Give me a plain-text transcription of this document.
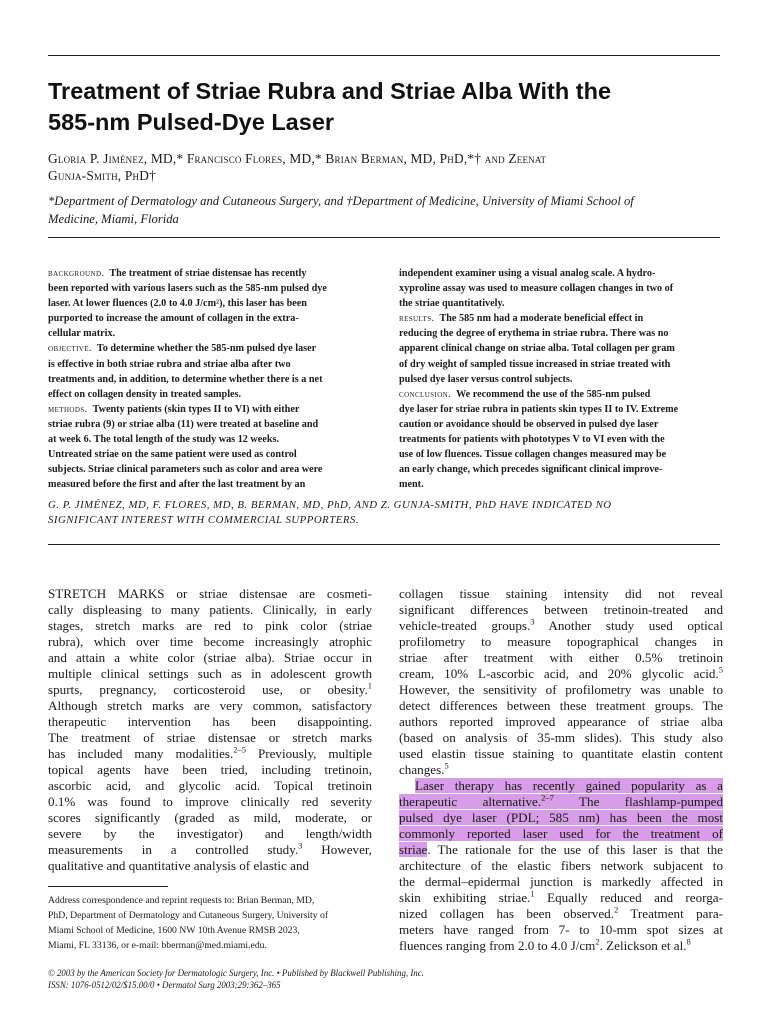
Treatment of Striae Rubra and Striae Alba With the
585-nm Pulsed-Dye Laser
Gloria P. Jiménez, MD,* Francisco Flores, MD,* Brian Berman, MD, PhD,*† and Zeenat
Gunja-Smith, PhD†
*Department of Dermatology and Cutaneous Surgery, and †Department of Medicine, University of Miami School of
Medicine, Miami, Florida
background. The treatment of striae distensae has recently
been reported with various lasers such as the 585-nm pulsed dye
laser. At lower fluences (2.0 to 4.0 J/cm²), this laser has been
purported to increase the amount of collagen in the extra-
cellular matrix.
objective. To determine whether the 585-nm pulsed dye laser
is effective in both striae rubra and striae alba after two
treatments and, in addition, to determine whether there is a net
effect on collagen density in treated samples.
methods. Twenty patients (skin types II to VI) with either
striae rubra (9) or striae alba (11) were treated at baseline and
at week 6. The total length of the study was 12 weeks.
Untreated striae on the same patient were used as control
subjects. Striae clinical parameters such as color and area were
measured before the first and after the last treatment by an
independent examiner using a visual analog scale. A hydro-
xyproline assay was used to measure collagen changes in two of
the striae quantitatively.
results. The 585 nm had a moderate beneficial effect in
reducing the degree of erythema in striae rubra. There was no
apparent clinical change on striae alba. Total collagen per gram
of dry weight of sampled tissue increased in striae treated with
pulsed dye laser versus control subjects.
conclusion. We recommend the use of the 585-nm pulsed
dye laser for striae rubra in patients skin types II to IV. Extreme
caution or avoidance should be observed in pulsed dye laser
treatments for patients with phototypes V to VI even with the
use of low fluences. Tissue collagen changes measured may be
an early change, which precedes significant clinical improve-
ment.
G. P. JIMÉNEZ, MD, F. FLORES, MD, B. BERMAN, MD, PhD, AND Z. GUNJA-SMITH, PhD HAVE INDICATED NO
SIGNIFICANT INTEREST WITH COMMERCIAL SUPPORTERS.
STRETCH MARKS or striae distensae are cosmeti-
cally displeasing to many patients. Clinically, in early
stages, stretch marks are red to pink color (striae
rubra), which over time become increasingly atrophic
and attain a white color (striae alba). Striae occur in
multiple clinical settings such as in adolescent growth
spurts, pregnancy, corticosteroid use, or obesity.$^1$
Although stretch marks are very common, satisfactory
therapeutic intervention has been disappointing.
The treatment of striae distensae or stretch marks
has included many modalities.$^{2-5}$ Previously, multiple
topical agents have been tried, including tretinoin,
ascorbic acid, and glycolic acid. Topical tretinoin
0.1% was found to improve clinically red severity
scores significantly (graded as mild, moderate, or
severe by the investigator) and length/width
measurements in a controlled study.$^3$ However,
qualitative and quantitative analysis of elastic and
collagen tissue staining intensity did not reveal
significant differences between tretinoin-treated and
vehicle-treated groups.$^3$ Another study used optical
profilometry to measure topographical changes in
striae after treatment with either 0.5% tretinoin
cream, 10% L-ascorbic acid, and 20% glycolic acid.$^5$
However, the sensitivity of profilometry was unable to
detect differences between these treatment groups. The
authors reported improved appearance of striae alba
(based on analysis of 35-mm slides). This study also
used elastin tissue staining to quantitate elastin content
changes.$^5$
Laser therapy has recently gained popularity as a
therapeutic alternative.$^{2-7}$ The flashlamp-pumped
pulsed dye laser (PDL; 585 nm) has been the most
commonly reported laser used for the treatment of
striae. The rationale for the use of this laser is that the
architecture of the elastic fibers network subjacent to
the dermal–epidermal junction is markedly affected in
skin exhibiting striae.$^1$ Equally reduced and reorga-
nized collagen has been observed.$^2$ Treatment para-
meters have ranged from 7- to 10-mm spot sizes at
fluences ranging from 2.0 to 4.0 $J/cm^2$. Zelickson et al.$^8$
Address correspondence and reprint requests to: Brian Berman, MD,
PhD, Department of Dermatology and Cutaneous Surgery, University of
Miami School of Medicine, 1600 NW 10th Avenue RMSB 2023,
Miami, FL 33136, or e-mail: bberman@med.miami.edu.
© 2003 by the American Society for Dermatologic Surgery, Inc. • Published by Blackwell Publishing, Inc.
ISSN: 1076-0512/02/$15.00/0 • Dermatol Surg 2003;29:362–365
